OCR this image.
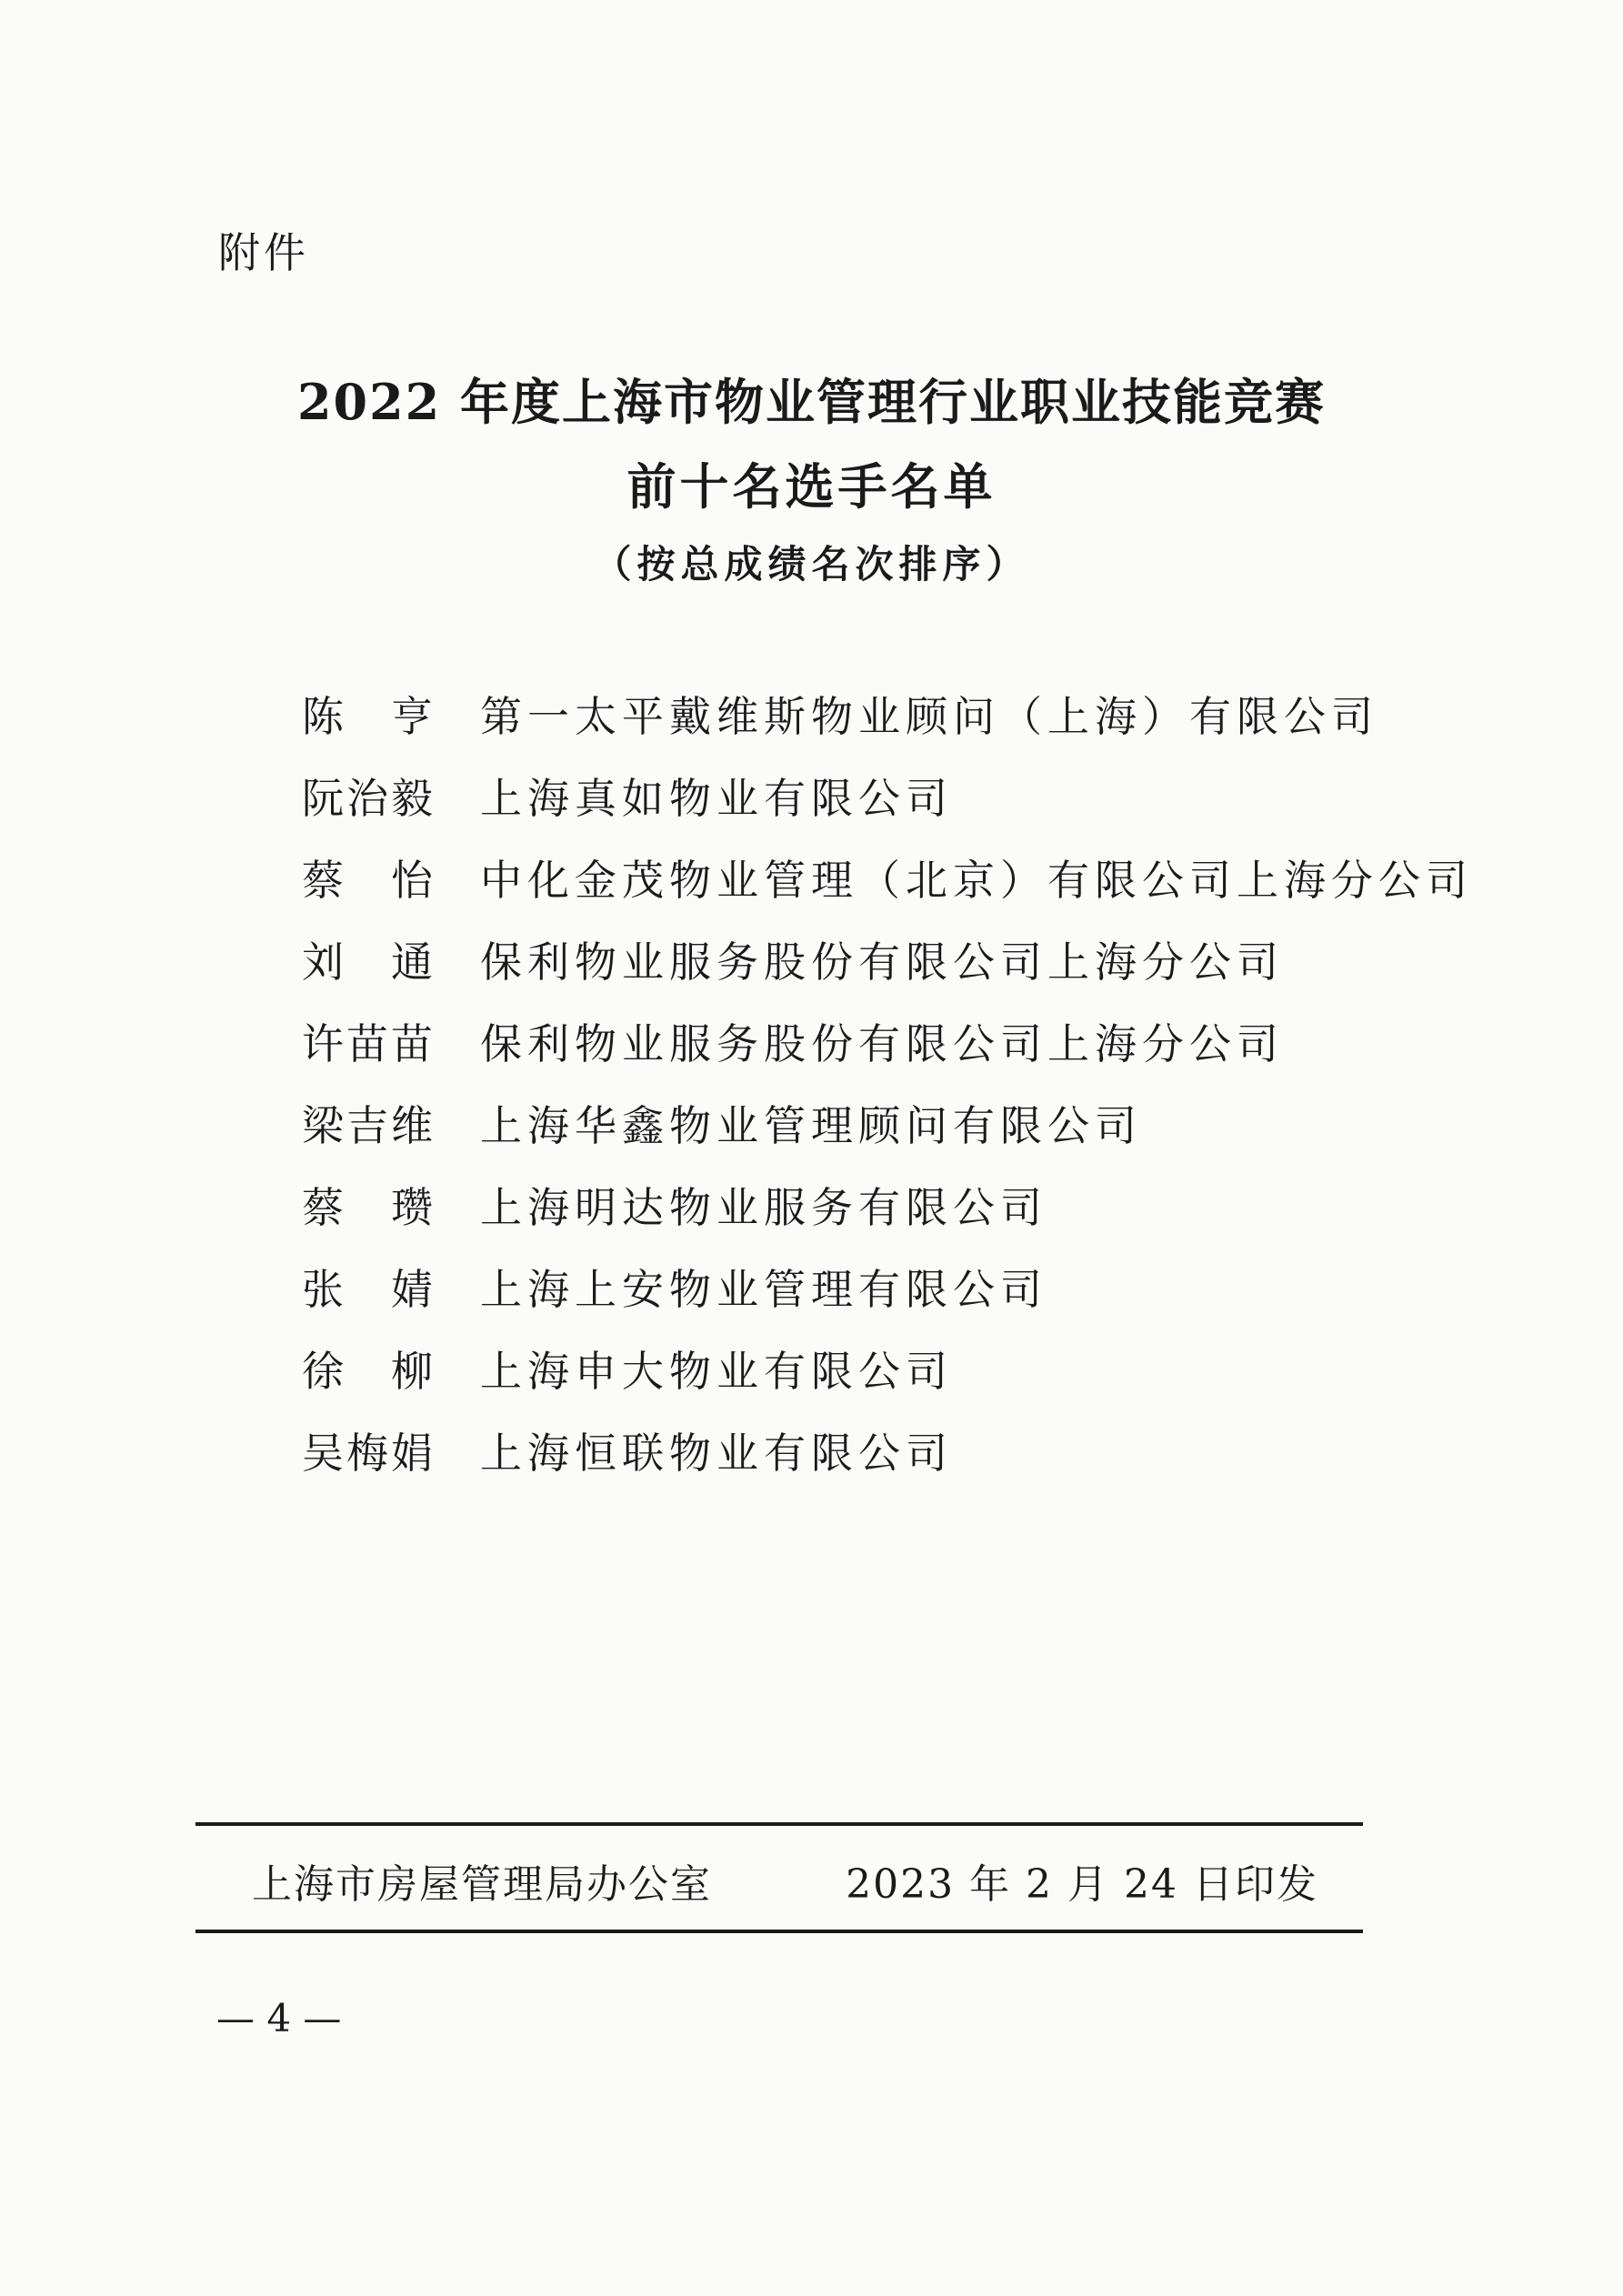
附件
2022 年度上海市物业管理行业职业技能竞赛
前十名选手名单
（按总成绩名次排序）
陈亨 第一太平戴维斯物业顾问（上海）有限公司
阮治毅 上海真如物业有限公司
蔡怡 中化金茂物业管理（北京）有限公司上海分公司
刘通 保利物业服务股份有限公司上海分公司
许苗苗 保利物业服务股份有限公司上海分公司
梁吉维 上海华鑫物业管理顾问有限公司
蔡瓒 上海明达物业服务有限公司
张婧 上海上安物业管理有限公司
徐柳 上海申大物业有限公司
吴梅娟 上海恒联物业有限公司
上海市房屋管理局办公室	2023 年 2 月 24 日印发
— 4 —
